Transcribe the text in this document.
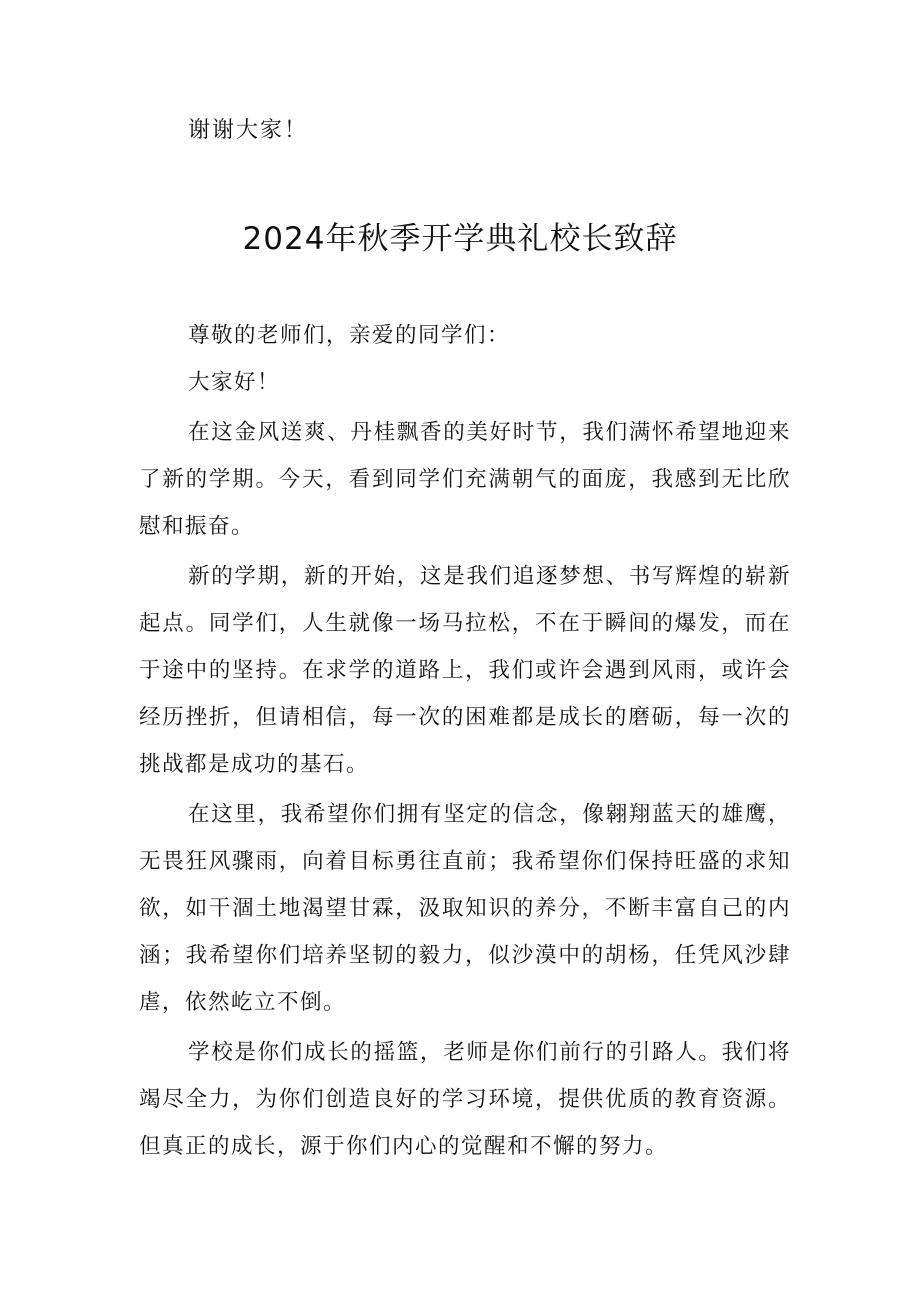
谢谢大家！

2024年秋季开学典礼校长致辞

尊敬的老师们，亲爱的同学们：

大家好！

在这金风送爽、丹桂飘香的美好时节，我们满怀希望地迎来了新的学期。今天，看到同学们充满朝气的面庞，我感到无比欣慰和振奋。

新的学期，新的开始，这是我们追逐梦想、书写辉煌的崭新起点。同学们，人生就像一场马拉松，不在于瞬间的爆发，而在于途中的坚持。在求学的道路上，我们或许会遇到风雨，或许会经历挫折，但请相信，每一次的困难都是成长的磨砺，每一次的挑战都是成功的基石。

在这里，我希望你们拥有坚定的信念，像翱翔蓝天的雄鹰，无畏狂风骤雨，向着目标勇往直前；我希望你们保持旺盛的求知欲，如干涸土地渴望甘霖，汲取知识的养分，不断丰富自己的内涵；我希望你们培养坚韧的毅力，似沙漠中的胡杨，任凭风沙肆虐，依然屹立不倒。

学校是你们成长的摇篮，老师是你们前行的引路人。我们将竭尽全力，为你们创造良好的学习环境，提供优质的教育资源。但真正的成长，源于你们内心的觉醒和不懈的努力。
